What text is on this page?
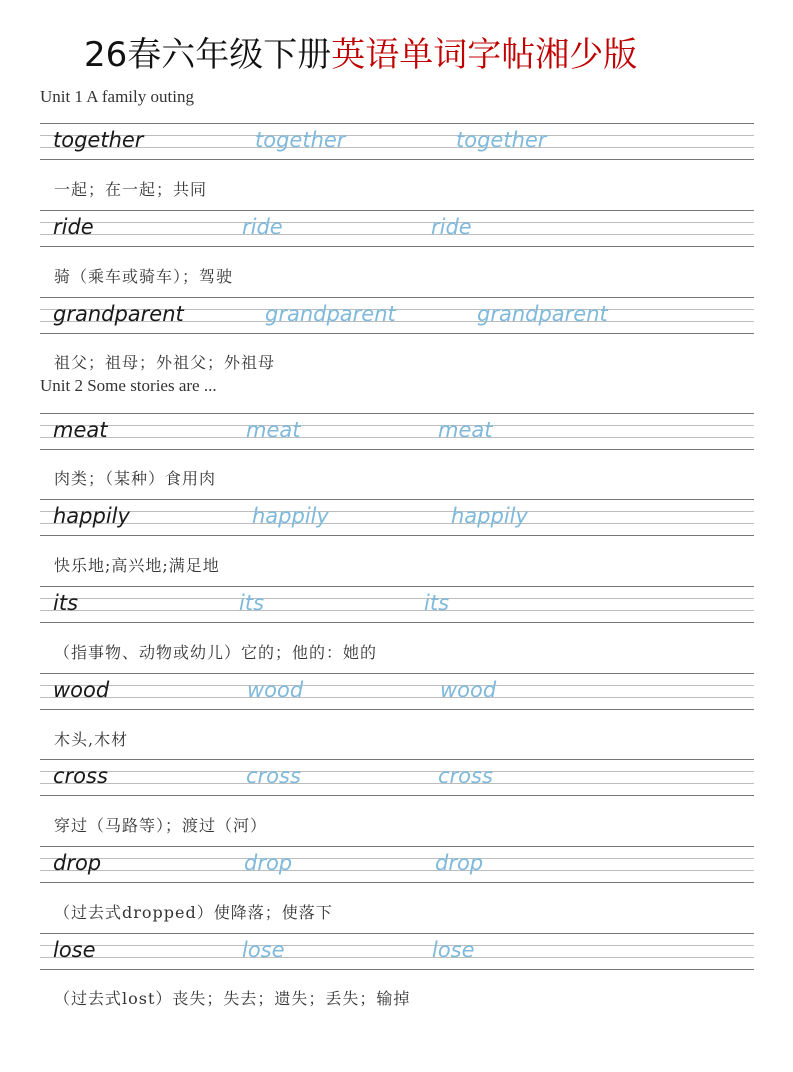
26春六年级下册英语单词字帖湘少版
Unit 1 A family outing
together	together	together
一起；在一起；共同
ride	ride	ride
骑（乘车或骑车）；驾驶
grandparent	grandparent	grandparent
祖父；祖母；外祖父；外祖母
Unit 2 Some stories are ...
meat	meat	meat
肉类；（某种）食用肉
happily	happily	happily
快乐地;高兴地;满足地
its	its	its
（指事物、动物或幼儿）它的；他的：她的
wood	wood	wood
木头,木材
cross	cross	cross
穿过（马路等）；渡过（河）
drop	drop	drop
（过去式dropped）使降落；使落下
lose	lose	lose
（过去式lost）丧失；失去；遗失；丢失；输掉
